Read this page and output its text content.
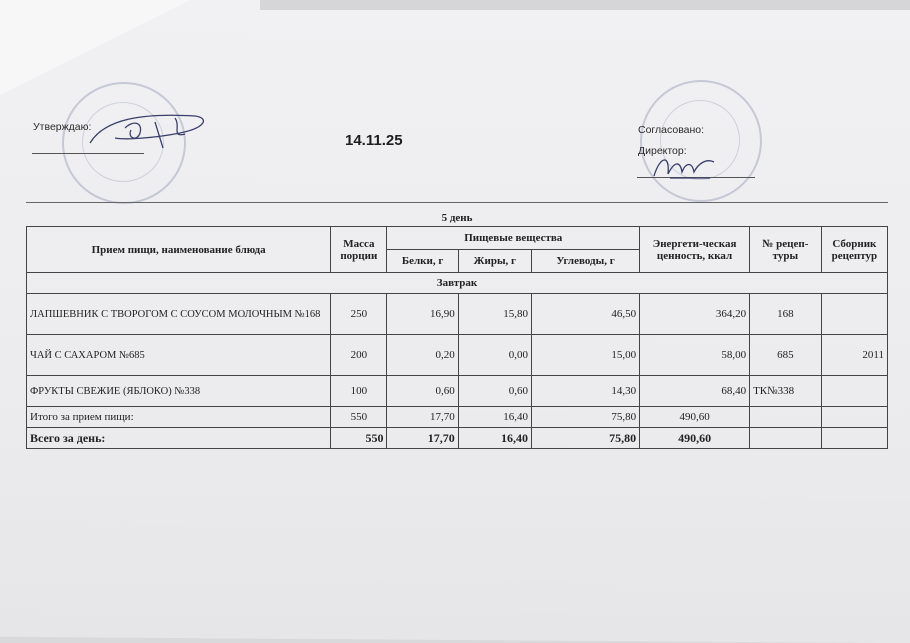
Утверждаю:
14.11.25
Согласовано:
Директор:
5 день							
Прием пищи, наименование блюда	Масса порции	Пищевые вещества			Энергети-ческая ценность, ккал	№ рецеп-туры	Сборник рецептур
		Белки, г	Жиры, г	Углеводы, г			
Завтрак							
ЛАПШЕВНИК С ТВОРОГОМ С СОУСОМ МОЛОЧНЫМ №168	250	16,90	15,80	46,50	364,20	168	
ЧАЙ С САХАРОМ №685	200	0,20	0,00	15,00	58,00	685	2011
ФРУКТЫ СВЕЖИЕ (ЯБЛОКО) №338	100	0,60	0,60	14,30	68,40	ТК№338	
Итого за прием пищи:	550	17,70	16,40	75,80	490,60		
Всего за день:	550	17,70	16,40	75,80	490,60		
